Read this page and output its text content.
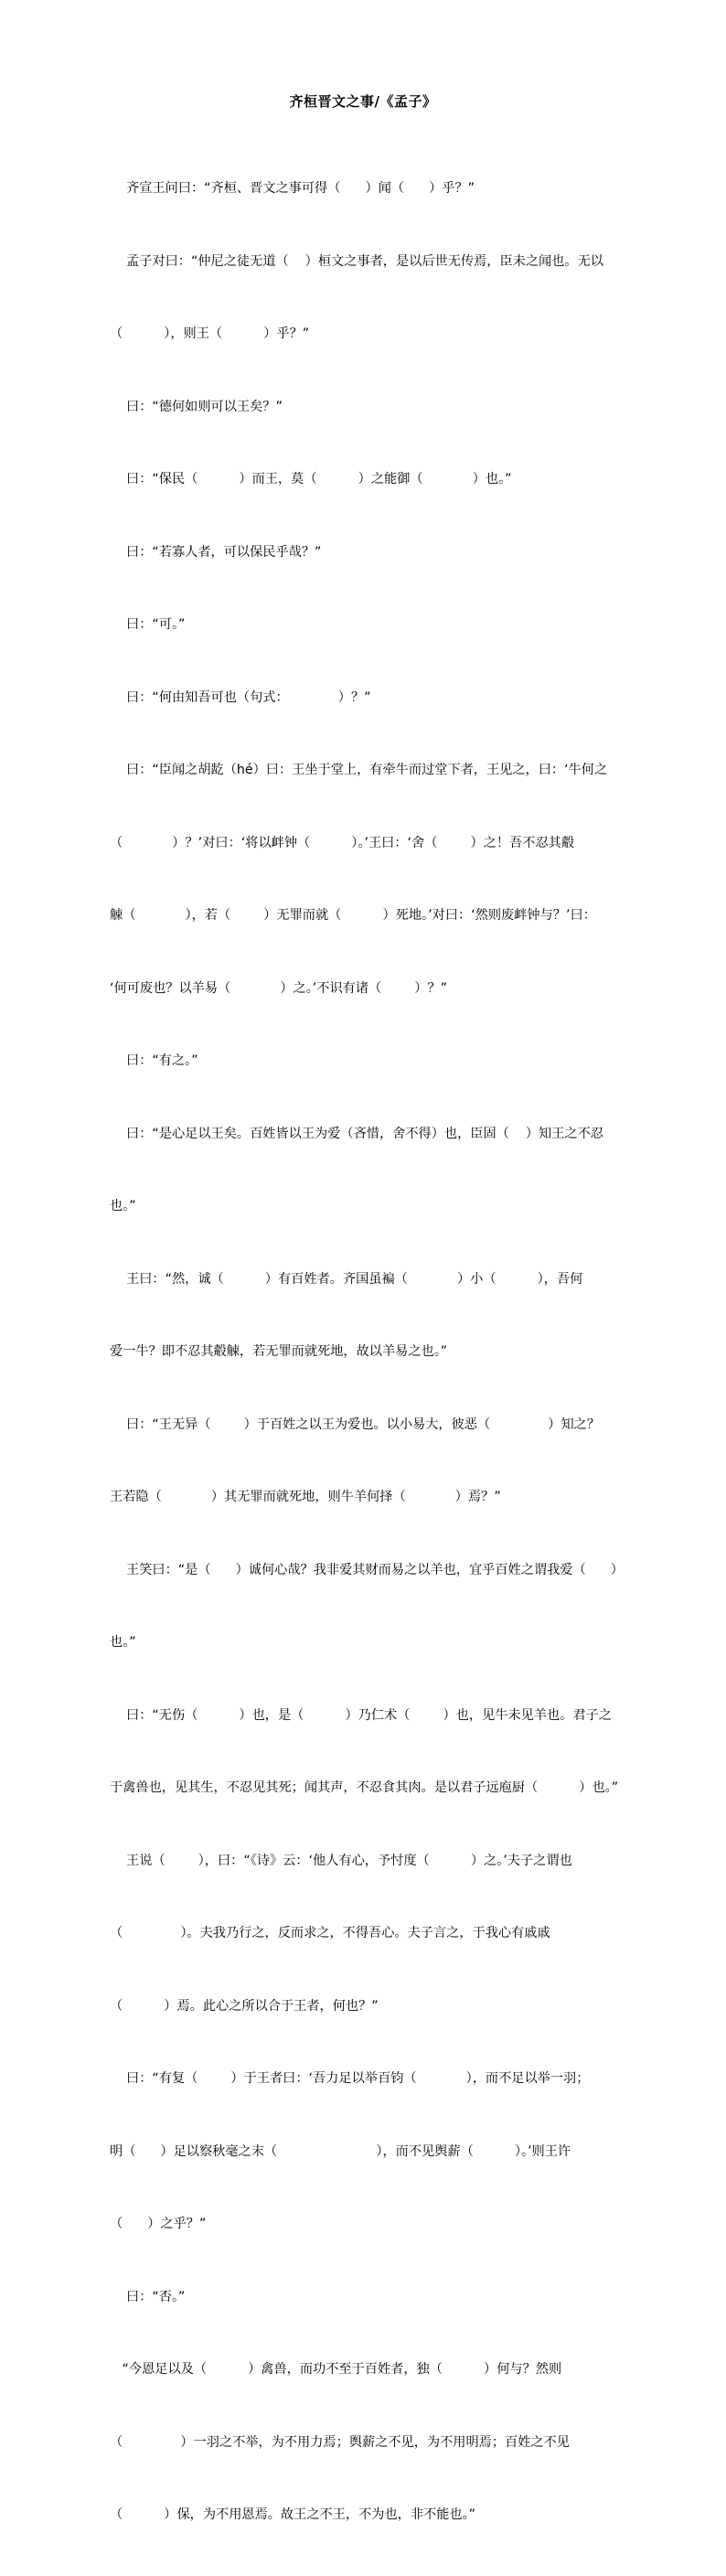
齐桓晋文之事/《孟子》

齐宣王问曰：“齐桓、晋文之事可得（      ）闻（      ）乎？”

孟子对曰：“仲尼之徒无道（    ）桓文之事者，是以后世无传焉，臣未之闻也。无以

（          ），则王（          ）乎？”

曰：“德何如则可以王矣？”

曰：“保民（          ）而王，莫（          ）之能御（            ）也。”

曰：“若寡人者，可以保民乎哉？”

曰：“可。”

曰：“何由知吾可也（句式：            ）？”

曰：“臣闻之胡龁（hé）曰：王坐于堂上，有牵牛而过堂下者，王见之，曰：‘牛何之

（            ）？’对曰：‘将以衅钟（          ）。’王曰：‘舍（        ）之！吾不忍其觳

觫（            ），若（        ）无罪而就（          ）死地。’对曰：‘然则废衅钟与？’曰：

‘何可废也？以羊易（            ）之。’不识有诸（        ）？”

曰：“有之。”

曰：“是心足以王矣。百姓皆以王为爱（吝惜，舍不得）也，臣固（    ）知王之不忍

也。”

王曰：“然，诚（          ）有百姓者。齐国虽褊（            ）小（          ），吾何

爱一牛？即不忍其觳觫，若无罪而就死地，故以羊易之也。”

曰：“王无异（        ）于百姓之以王为爱也。以小易大，彼恶（              ）知之？

王若隐（            ）其无罪而就死地，则牛羊何择（            ）焉？”

王笑曰：“是（      ）诚何心哉？我非爱其财而易之以羊也，宜乎百姓之谓我爱（      ）

也。”

曰：“无伤（          ）也，是（          ）乃仁术（        ）也，见牛未见羊也。君子之

于禽兽也，见其生，不忍见其死；闻其声，不忍食其肉。是以君子远庖厨（          ）也。”

王说（        ），曰：“《诗》云：‘他人有心，予忖度（          ）之。’夫子之谓也

（              ）。夫我乃行之，反而求之，不得吾心。夫子言之，于我心有戚戚

（          ）焉。此心之所以合于王者，何也？”

曰：“有复（        ）于王者曰：‘吾力足以举百钧（            ），而不足以举一羽；

明（      ）足以察秋毫之末（                        ），而不见舆薪（          ）。’则王许

（      ）之乎？”

曰：“否。”

“今恩足以及（          ）禽兽，而功不至于百姓者，独（          ）何与？然则

（              ）一羽之不举，为不用力焉；舆薪之不见，为不用明焉；百姓之不见

（          ）保，为不用恩焉。故王之不王，不为也，非不能也。”
